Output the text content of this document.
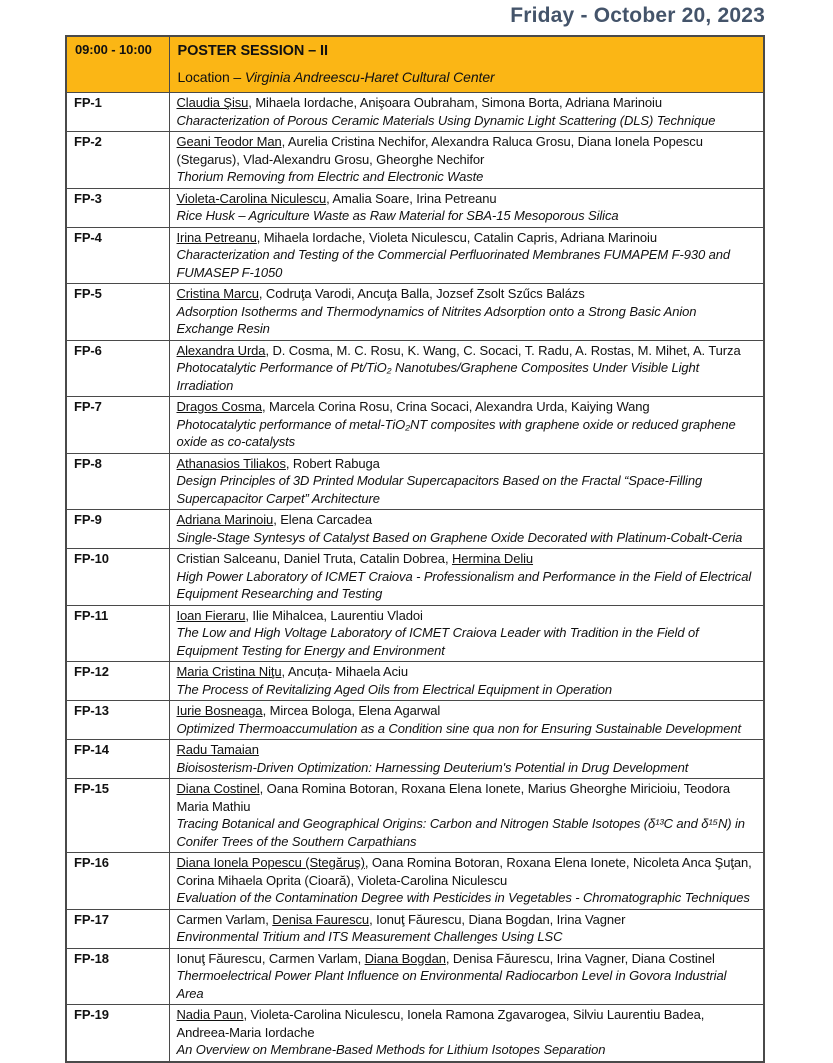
Friday - October 20, 2023
09:00 - 10:00	POSTER SESSION – II
Location – Virginia Andreescu-Haret Cultural Center

FP-1	Claudia Şisu, Mihaela Iordache, Anişoara Oubraham, Simona Borta, Adriana Marinoiu
Characterization of Porous Ceramic Materials Using Dynamic Light Scattering (DLS) Technique

FP-2	Geani Teodor Man, Aurelia Cristina Nechifor, Alexandra Raluca Grosu, Diana Ionela Popescu (Stegarus), Vlad-Alexandru Grosu, Gheorghe Nechifor
Thorium Removing from Electric and Electronic Waste

FP-3	Violeta-Carolina Niculescu, Amalia Soare, Irina Petreanu
Rice Husk – Agriculture Waste as Raw Material for SBA-15 Mesoporous Silica

FP-4	Irina Petreanu, Mihaela Iordache, Violeta Niculescu, Catalin Capris, Adriana Marinoiu
Characterization and Testing of the Commercial Perfluorinated Membranes FUMAPEM F-930 and FUMASEP F-1050

FP-5	Cristina Marcu, Codruţa Varodi, Ancuţa Balla, Jozsef Zsolt Szűcs Balázs
Adsorption Isotherms and Thermodynamics of Nitrites Adsorption onto a Strong Basic Anion Exchange Resin

FP-6	Alexandra Urda, D. Cosma, M. C. Rosu, K. Wang, C. Socaci, T. Radu, A. Rostas, M. Mihet, A. Turza
Photocatalytic Performance of Pt/TiO₂ Nanotubes/Graphene Composites Under Visible Light Irradiation

FP-7	Dragos Cosma, Marcela Corina Rosu, Crina Socaci, Alexandra Urda, Kaiying Wang
Photocatalytic performance of metal-TiO₂NT composites with graphene oxide or reduced graphene oxide as co-catalysts

FP-8	Athanasios Tiliakos, Robert Rabuga
Design Principles of 3D Printed Modular Supercapacitors Based on the Fractal “Space-Filling Supercapacitor Carpet” Architecture

FP-9	Adriana Marinoiu, Elena Carcadea
Single-Stage Syntesys of Catalyst Based on Graphene Oxide Decorated with Platinum-Cobalt-Ceria

FP-10	Cristian Salceanu, Daniel Truta, Catalin Dobrea, Hermina Deliu
High Power Laboratory of ICMET Craiova - Professionalism and Performance in the Field of Electrical Equipment Researching and Testing

FP-11	Ioan Fieraru, Ilie Mihalcea, Laurentiu Vladoi
The Low and High Voltage Laboratory of ICMET Craiova Leader with Tradition in the Field of Equipment Testing for Energy and Environment

FP-12	Maria Cristina Niţu, Ancuța- Mihaela Aciu
The Process of Revitalizing Aged Oils from Electrical Equipment in Operation

FP-13	Iurie Bosneaga, Mircea Bologa, Elena Agarwal
Optimized Thermoaccumulation as a Condition sine qua non for Ensuring Sustainable Development

FP-14	Radu Tamaian
Bioisosterism-Driven Optimization: Harnessing Deuterium's Potential in Drug Development

FP-15	Diana Costinel, Oana Romina Botoran, Roxana Elena Ionete, Marius Gheorghe Miricioiu, Teodora Maria Mathiu
Tracing Botanical and Geographical Origins: Carbon and Nitrogen Stable Isotopes (δ¹³C and δ¹⁵N) in Conifer Trees of the Southern Carpathians

FP-16	Diana Ionela Popescu (Stegăruş), Oana Romina Botoran, Roxana Elena Ionete, Nicoleta Anca Şuţan, Corina Mihaela Oprita (Cioară), Violeta-Carolina Niculescu
Evaluation of the Contamination Degree with Pesticides in Vegetables - Chromatographic Techniques

FP-17	Carmen Varlam, Denisa Faurescu, Ionuţ Făurescu, Diana Bogdan, Irina Vagner
Environmental Tritium and ITS Measurement Challenges Using LSC

FP-18	Ionuţ Făurescu, Carmen Varlam, Diana Bogdan, Denisa Făurescu, Irina Vagner, Diana Costinel
Thermoelectrical Power Plant Influence on Environmental Radiocarbon Level in Govora Industrial Area

FP-19	Nadia Paun, Violeta-Carolina Niculescu, Ionela Ramona Zgavarogea, Silviu Laurentiu Badea, Andreea-Maria Iordache
An Overview on Membrane-Based Methods for Lithium Isotopes Separation
